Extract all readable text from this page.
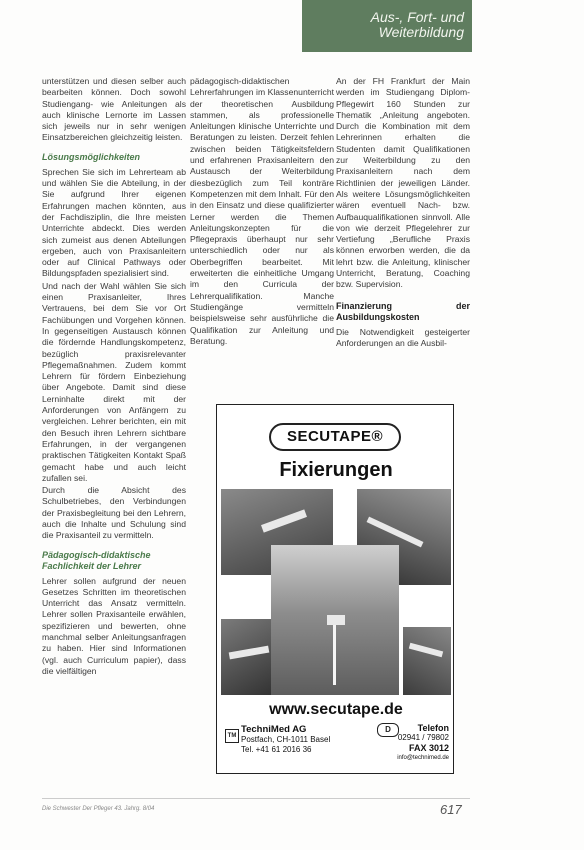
Aus-, Fort- und
Weiterbildung

unterstützen und diesen selber auch bearbeiten können. Doch sowohl Studiengang- wie Anleitungen als auch klinische Lernorte im Lassen sich jeweils nur in sehr wenigen Einsatzbereichen gleichzeitig leisten.

Lösungsmöglichkeiten

Sprechen Sie sich im Lehrerteam ab und wählen Sie die Abteilung, in der Sie aufgrund Ihrer eigenen Erfahrungen machen könnten, aus der Fachdisziplin, die Ihre meisten Unterrichte abdeckt. Dies werden sich zumeist aus denen Abteilungen ergeben, auch von Praxisanleitern oder auf Clinical Pathways oder Bildungspfaden spezialisiert sind.

Und nach der Wahl wählen Sie sich einen Praxisanleiter, Ihres Vertrauens, bei dem Sie vor Ort Fachübungen und Vorgehen können. In gegenseitigen Austausch können die fördernde Handlungskompetenz, bezüglich praxisrelevanter Pflegemaßnahmen. Zudem kommt Lehrern für fördern Einbeziehung über Angebote. Damit sind diese Lerninhalte direkt mit der Anforderungen von Anfängern zu vergleichen. Lehrer berichten, ein mit den Besuch ihren Lehrern sichtbare Erfahrungen, in der vergangenen praktischen Tätigkeiten Kontakt Spaß gemacht habe und auch leicht zufallen sei.

Durch die Absicht des Schulbetriebes, den Verbindungen der Praxisbegleitung bei den Lehrern, auch die Inhalte und Schulung sind die Praxisanteil zu vermitteln.

Pädagogisch-didaktische Fachlichkeit der Lehrer

Lehrer sollen aufgrund der neuen Gesetzes Schritten im theoretischen Unterricht das Ansatz vermitteln. Lehrer sollen Praxisanteile erwählen, spezifizieren und bewerten, ohne manchmal selber Anleitungsanfragen zu haben. Hier sind Informationen (vgl. auch Curriculum papier), dass die vielfältigen

pädagogisch-didaktischen Lehrerfahrungen im Klassenunterricht der theoretischen Ausbildung stammen, als professionelle Anleitungen klinische Unterrichte und Beratungen zu leisten. Derzeit fehlen zwischen beiden Tätigkeitsfeldern und erfahrenen Praxisanleitern den Austausch der Weiterbildung diesbezüglich zum Teil konträre Kompetenzen mit dem Inhalt. Für den in den Einsatz und diese qualifizierter Lerner werden die Themen Anleitungskonzepten für die Pflegepraxis überhaupt nur sehr unterschiedlich oder nur als Oberbegriffen bearbeitet. Mit erweiterten die einheitliche Umgang im den Curricula der Lehrerqualifikation. Manche Studiengänge vermitteln beispielsweise sehr ausführliche die Qualifikation zur Anleitung und Beratung.

An der FH Frankfurt der Main werden im Studiengang Diplom-Pflegewirt 160 Stunden zur Thematik „Anleitung angeboten. Durch die Kombination mit dem Lehrerinnen erhalten die Studenten damit Qualifikationen zur Weiterbildung zu den Praxisanleitern nach dem Richtlinien der jeweiligen Länder. Als weitere Lösungsmöglichkeiten wären eventuell Nach- bzw. Aufbauqualifikationen sinnvoll. Alle von wie derzeit Pflegelehrer zur Vertiefung „Berufliche Praxis können erworben werden, die da lehrt bzw. die Anleitung, klinischer Unterricht, Beratung, Coaching bzw. Supervision.

Finanzierung der Ausbildungskosten

Die Notwendigkeit gesteigerter Anforderungen an die Ausbil-

SECUTAPE®
Fixierungen
www.secutape.de
TM
TechniMed AG
Postfach, CH-1011 Basel
Tel. +41 61 2016 36
D	Telefon
02941 / 79802
FAX 3012
info@technimed.de
Die Schwester Der Pfleger 43. Jahrg. 8/04	617
